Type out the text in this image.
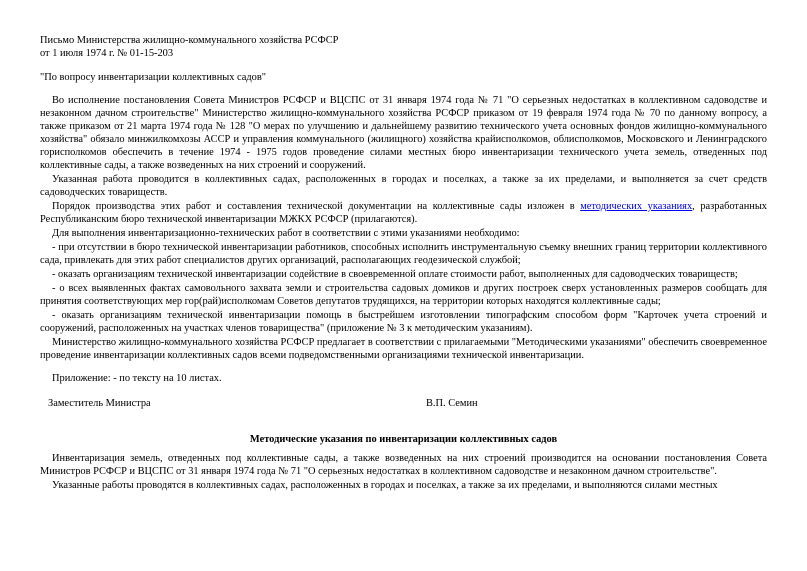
Письмо Министерства жилищно-коммунального хозяйства РСФСР
от 1 июля 1974 г. № 01-15-203
"По вопросу инвентаризации коллективных садов"

Во исполнение постановления Совета Министров РСФСР и ВЦСПС от 31 января 1974 года № 71 "О серьезных недостатках в коллективном садоводстве и незаконном дачном строительстве" Министерство жилищно-коммунального хозяйства РСФСР приказом от 19 февраля 1974 года № 70 по данному вопросу, а также приказом от 21 марта 1974 года № 128 "О мерах по улучшению и дальнейшему развитию технического учета основных фондов жилищно-коммунального хозяйства" обязало минжилкомхозы АССР и управления коммунального (жилищного) хозяйства крайисполкомов, облисполкомов, Московского и Ленинградского горисполкомов обеспечить в течение 1974 - 1975 годов проведение силами местных бюро инвентаризации технического учета земель, отведенных под коллективные сады, а также возведенных на них строений и сооружений.

Указанная работа проводится в коллективных садах, расположенных в городах и поселках, а также за их пределами, и выполняется за счет средств садоводческих товариществ.

Порядок производства этих работ и составления технической документации на коллективные сады изложен в методических указаниях, разработанных Республиканским бюро технической инвентаризации МЖКХ РСФСР (прилагаются).

Для выполнения инвентаризационно-технических работ в соответствии с этими указаниями необходимо:

- при отсутствии в бюро технической инвентаризации работников, способных исполнить инструментальную съемку внешних границ территории коллективного сада, привлекать для этих работ специалистов других организаций, располагающих геодезической службой;

- оказать организациям технической инвентаризации содействие в своевременной оплате стоимости работ, выполненных для садоводческих товариществ;

- о всех выявленных фактах самовольного захвата земли и строительства садовых домиков и других построек сверх установленных размеров сообщать для принятия соответствующих мер гор(рай)исполкомам Советов депутатов трудящихся, на территории которых находятся коллективные сады;

- оказать организациям технической инвентаризации помощь в быстрейшем изготовлении типографским способом форм "Карточек учета строений и сооружений, расположенных на участках членов товарищества" (приложение № 3 к методическим указаниям).

Министерство жилищно-коммунального хозяйства РСФСР предлагает в соответствии с прилагаемыми "Методическими указаниями" обеспечить своевременное проведение инвентаризации коллективных садов всеми подведомственными организациями технической инвентаризации.

Приложение: - по тексту на 10 листах.
Заместитель Министра	В.П. Семин
Методические указания по инвентаризации коллективных садов

Инвентаризация земель, отведенных под коллективные сады, а также возведенных на них строений производится на основании постановления Совета Министров РСФСР и ВЦСПС от 31 января 1974 года № 71 "О серьезных недостатках в коллективном садоводстве и незаконном дачном строительстве".

Указанные работы проводятся в коллективных садах, расположенных в городах и поселках, а также за их пределами, и выполняются силами местных
